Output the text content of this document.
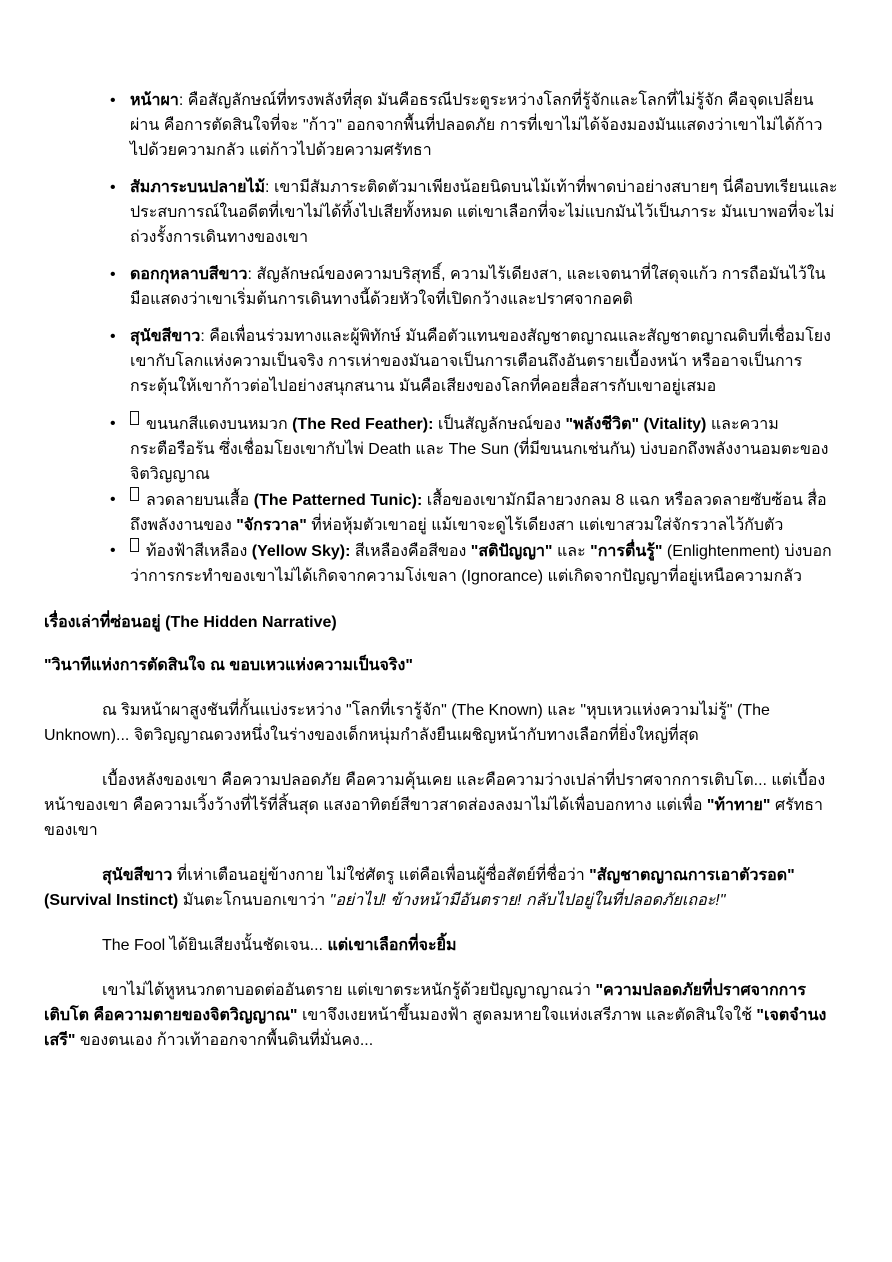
• หน้าผา: คือสัญลักษณ์ที่ทรงพลังที่สุด มันคือธรณีประตูระหว่างโลกที่รู้จักและโลกที่ไม่รู้จัก คือจุดเปลี่ยนผ่าน คือการตัดสินใจที่จะ "ก้าว" ออกจากพื้นที่ปลอดภัย การที่เขาไม่ได้จ้องมองมันแสดงว่าเขาไม่ได้ก้าวไปด้วยความกลัว แต่ก้าวไปด้วยความศรัทธา
• สัมภาระบนปลายไม้: เขามีสัมภาระติดตัวมาเพียงน้อยนิดบนไม้เท้าที่พาดบ่าอย่างสบายๆ นี่คือบทเรียนและประสบการณ์ในอดีตที่เขาไม่ได้ทิ้งไปเสียทั้งหมด แต่เขาเลือกที่จะไม่แบกมันไว้เป็นภาระ มันเบาพอที่จะไม่ถ่วงรั้งการเดินทางของเขา
• ดอกกุหลาบสีขาว: สัญลักษณ์ของความบริสุทธิ์, ความไร้เดียงสา, และเจตนาที่ใสดุจแก้ว การถือมันไว้ในมือแสดงว่าเขาเริ่มต้นการเดินทางนี้ด้วยหัวใจที่เปิดกว้างและปราศจากอคติ
• สุนัขสีขาว: คือเพื่อนร่วมทางและผู้พิทักษ์ มันคือตัวแทนของสัญชาตญาณและสัญชาตญาณดิบที่เชื่อมโยงเขากับโลกแห่งความเป็นจริง การเห่าของมันอาจเป็นการเตือนถึงอันตรายเบื้องหน้า หรืออาจเป็นการกระตุ้นให้เขาก้าวต่อไปอย่างสนุกสนาน มันคือเสียงของโลกที่คอยสื่อสารกับเขาอยู่เสมอ
• ขนนกสีแดงบนหมวก (The Red Feather): เป็นสัญลักษณ์ของ "พลังชีวิต" (Vitality) และความกระตือรือร้น ซึ่งเชื่อมโยงเขากับไพ่ Death และ The Sun (ที่มีขนนกเช่นกัน) บ่งบอกถึงพลังงานอมตะของจิตวิญญาณ
• ลวดลายบนเสื้อ (The Patterned Tunic): เสื้อของเขามักมีลายวงกลม 8 แฉก หรือลวดลายซับซ้อน สื่อถึงพลังงานของ "จักรวาล" ที่ห่อหุ้มตัวเขาอยู่ แม้เขาจะดูไร้เดียงสา แต่เขาสวมใส่จักรวาลไว้กับตัว
• ท้องฟ้าสีเหลือง (Yellow Sky): สีเหลืองคือสีของ "สติปัญญา" และ "การตื่นรู้" (Enlightenment) บ่งบอกว่าการกระทำของเขาไม่ได้เกิดจากความโง่เขลา (Ignorance) แต่เกิดจากปัญญาที่อยู่เหนือความกลัว

เรื่องเล่าที่ซ่อนอยู่ (The Hidden Narrative)

"วินาทีแห่งการตัดสินใจ ณ ขอบเหวแห่งความเป็นจริง"

ณ ริมหน้าผาสูงชันที่กั้นแบ่งระหว่าง "โลกที่เรารู้จัก" (The Known) และ "หุบเหวแห่งความไม่รู้" (The Unknown)... จิตวิญญาณดวงหนึ่งในร่างของเด็กหนุ่มกำลังยืนเผชิญหน้ากับทางเลือกที่ยิ่งใหญ่ที่สุด

เบื้องหลังของเขา คือความปลอดภัย คือความคุ้นเคย และคือความว่างเปล่าที่ปราศจากการเติบโต... แต่เบื้องหน้าของเขา คือความเวิ้งว้างที่ไร้ที่สิ้นสุด แสงอาทิตย์สีขาวสาดส่องลงมาไม่ได้เพื่อบอกทาง แต่เพื่อ "ท้าทาย" ศรัทธาของเขา

สุนัขสีขาว ที่เห่าเตือนอยู่ข้างกาย ไม่ใช่ศัตรู แต่คือเพื่อนผู้ซื่อสัตย์ที่ชื่อว่า "สัญชาตญาณการเอาตัวรอด" (Survival Instinct) มันตะโกนบอกเขาว่า "อย่าไป! ข้างหน้ามีอันตราย! กลับไปอยู่ในที่ปลอดภัยเถอะ!"

The Fool ได้ยินเสียงนั้นชัดเจน... แต่เขาเลือกที่จะยิ้ม

เขาไม่ได้หูหนวกตาบอดต่ออันตราย แต่เขาตระหนักรู้ด้วยปัญญาญาณว่า "ความปลอดภัยที่ปราศจากการเติบโต คือความตายของจิตวิญญาณ" เขาจึงเงยหน้าขึ้นมองฟ้า สูดลมหายใจแห่งเสรีภาพ และตัดสินใจใช้ "เจตจำนงเสรี" ของตนเอง ก้าวเท้าออกจากพื้นดินที่มั่นคง...
